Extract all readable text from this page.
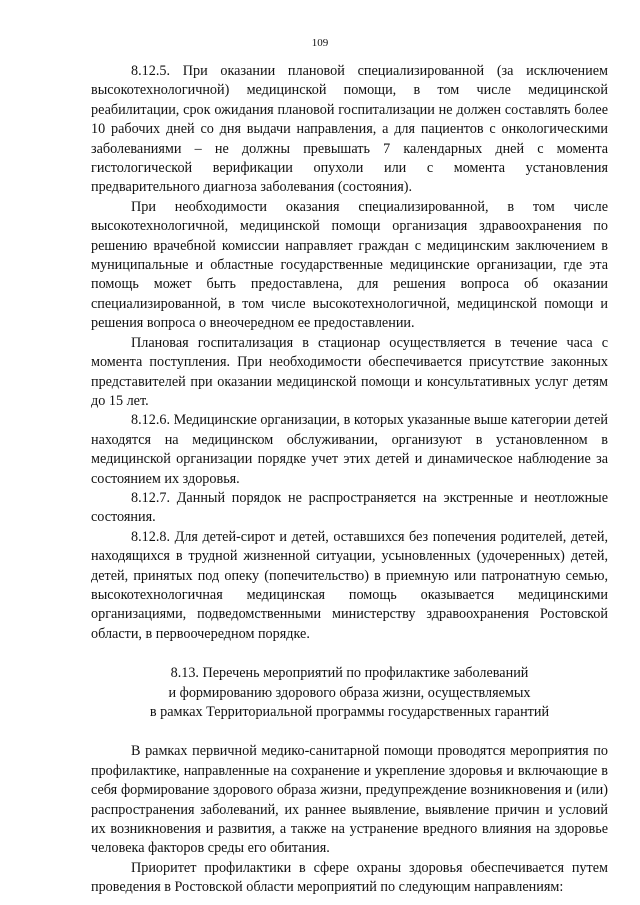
109

8.12.5. При оказании плановой специализированной (за исключением высокотехнологичной) медицинской помощи, в том числе медицинской реабилитации, срок ожидания плановой госпитализации не должен составлять более 10 рабочих дней со дня выдачи направления, а для пациентов с онкологическими заболеваниями – не должны превышать 7 календарных дней с момента гистологической верификации опухоли или с момента установления предварительного диагноза заболевания (состояния).

При необходимости оказания специализированной, в том числе высокотехнологичной, медицинской помощи организация здравоохранения по решению врачебной комиссии направляет граждан с медицинским заключением в муниципальные и областные государственные медицинские организации, где эта помощь может быть предоставлена, для решения вопроса об оказании специализированной, в том числе высокотехнологичной, медицинской помощи и решения вопроса о внеочередном ее предоставлении.

Плановая госпитализация в стационар осуществляется в течение часа с момента поступления. При необходимости обеспечивается присутствие законных представителей при оказании медицинской помощи и консультативных услуг детям до 15 лет.

8.12.6. Медицинские организации, в которых указанные выше категории детей находятся на медицинском обслуживании, организуют в установленном в медицинской организации порядке учет этих детей и динамическое наблюдение за состоянием их здоровья.

8.12.7. Данный порядок не распространяется на экстренные и неотложные состояния.

8.12.8. Для детей-сирот и детей, оставшихся без попечения родителей, детей, находящихся в трудной жизненной ситуации, усыновленных (удочеренных) детей, детей, принятых под опеку (попечительство) в приемную или патронатную семью, высокотехнологичная медицинская помощь оказывается медицинскими организациями, подведомственными министерству здравоохранения Ростовской области, в первоочередном порядке.

8.13. Перечень мероприятий по профилактике заболеваний
и формированию здорового образа жизни, осуществляемых
в рамках Территориальной программы государственных гарантий

В рамках первичной медико-санитарной помощи проводятся мероприятия по профилактике, направленные на сохранение и укрепление здоровья и включающие в себя формирование здорового образа жизни, предупреждение возникновения и (или) распространения заболеваний, их раннее выявление, выявление причин и условий их возникновения и развития, а также на устранение вредного влияния на здоровье человека факторов среды его обитания.

Приоритет профилактики в сфере охраны здоровья обеспечивается путем проведения в Ростовской области мероприятий по следующим направлениям:
